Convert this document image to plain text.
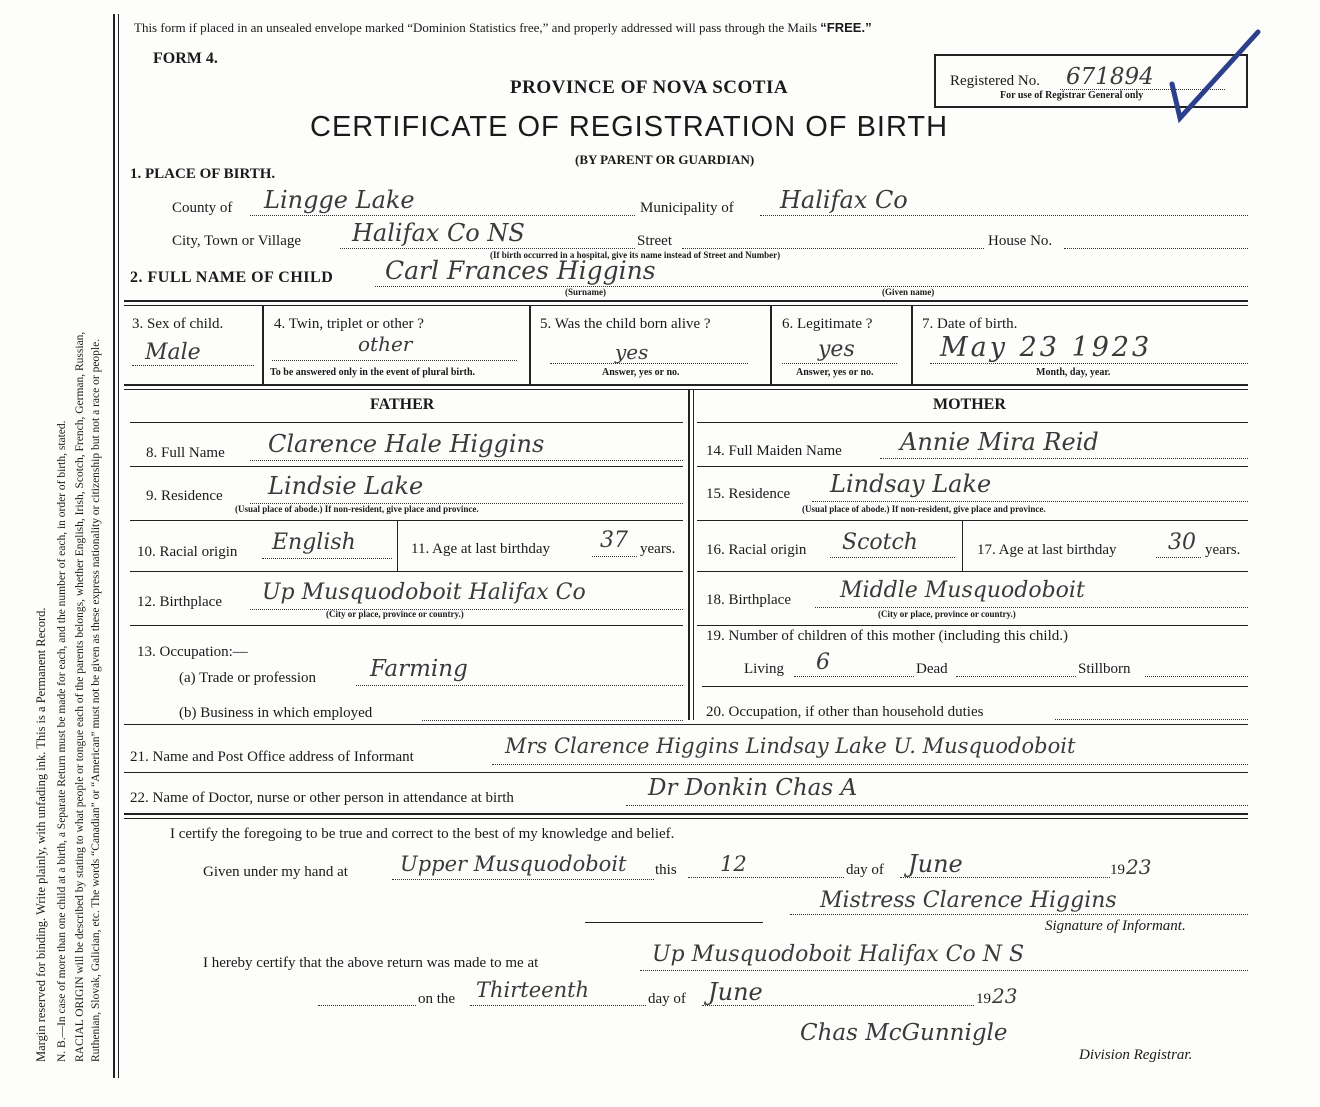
Margin reserved for binding. Write plainly, with unfading ink. This is a Permanent Record. N. B.—In case of more than one child at a birth, a Separate Return must be made for each, and the number of each, in order of birth, stated. RACIAL ORIGIN will be described by stating to what people or tongue each of the parents belongs, whether English, Irish, Scotch, French, German, Russian, Ruthenian, Slovak, Galician, etc. The words “Canadian” or “American” must not be given as these express nationality or citizenship but not a race or people.
This form if placed in an unsealed envelope marked “Dominion Statistics free,” and properly addressed will pass through the Mails “FREE.”
FORM 4.
PROVINCE OF NOVA SCOTIA
CERTIFICATE OF REGISTRATION OF BIRTH
(BY PARENT OR GUARDIAN)
Registered No. 671894
For use of Registrar General only
1. PLACE OF BIRTH.
County of Lingge Lake	Municipality of Halifax Co
City, Town or Village Halifax Co NS	Street	House No.
(If birth occurred in a hospital, give its name instead of Street and Number)
2. FULL NAME OF CHILD Carl Frances Higgins
(Surname)	(Given name)
3. Sex of child.
Male
4. Twin, triplet or other ?
other
To be answered only in the event of plural birth.
5. Was the child born alive ?
yes
Answer, yes or no.
6. Legitimate ?
yes
Answer, yes or no.
7. Date of birth.
May 23 1923
Month, day, year.
FATHER	MOTHER
8. Full Name Clarence Hale Higgins
9. Residence Lindsie Lake
(Usual place of abode.) If non-resident, give place and province.
10. Racial origin English	11. Age at last birthday 37 years.
12. Birthplace Up Musquodoboit Halifax Co
(City or place, province or country.)
13. Occupation:—
(a) Trade or profession Farming
(b) Business in which employed
14. Full Maiden Name Annie Mira Reid
15. Residence Lindsay Lake
(Usual place of abode.) If non-resident, give place and province.
16. Racial origin Scotch	17. Age at last birthday 30 years.
18. Birthplace Middle Musquodoboit
(City or place, province or country.)
19. Number of children of this mother (including this child.)
Living 6	Dead	Stillborn
20. Occupation, if other than household duties
21. Name and Post Office address of Informant	Mrs Clarence Higgins Lindsay Lake U. Musquodoboit
22. Name of Doctor, nurse or other person in attendance at birth	Dr Donkin Chas A
I certify the foregoing to be true and correct to the best of my knowledge and belief.
Given under my hand at Upper Musquodoboit this 12	day of June	19 23
Mistress Clarence Higgins
Signature of Informant.
I hereby certify that the above return was made to me at	Up Musquodoboit Halifax Co N S
on the Thirteenth	day of June	19 23
Chas McGunnigle
Division Registrar.
